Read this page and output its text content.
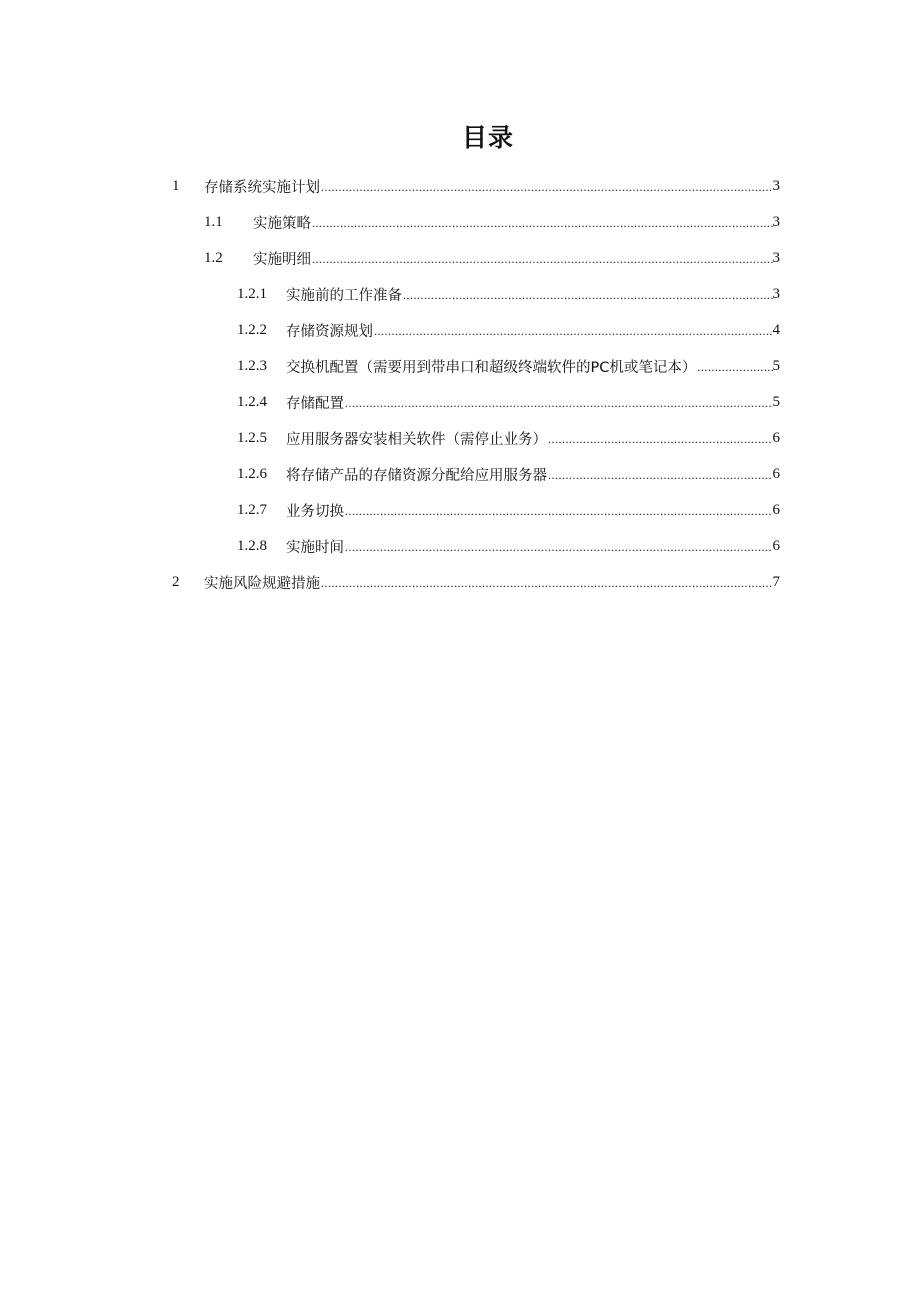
目录
1 存储系统实施计划 .....	3
1.1 实施策略 .....	3
1.2 实施明细 .....	3
1.2.1 实施前的工作准备 .....	3
1.2.2 存储资源规划 .....	4
1.2.3 交换机配置（需要用到带串口和超级终端软件的PC机或笔记本） .....	5
1.2.4 存储配置 .....	5
1.2.5 应用服务器安装相关软件（需停止业务） .....	6
1.2.6 将存储产品的存储资源分配给应用服务器 .....	6
1.2.7 业务切换 .....	6
1.2.8 实施时间 .....	6
2 实施风险规避措施 .....	7
